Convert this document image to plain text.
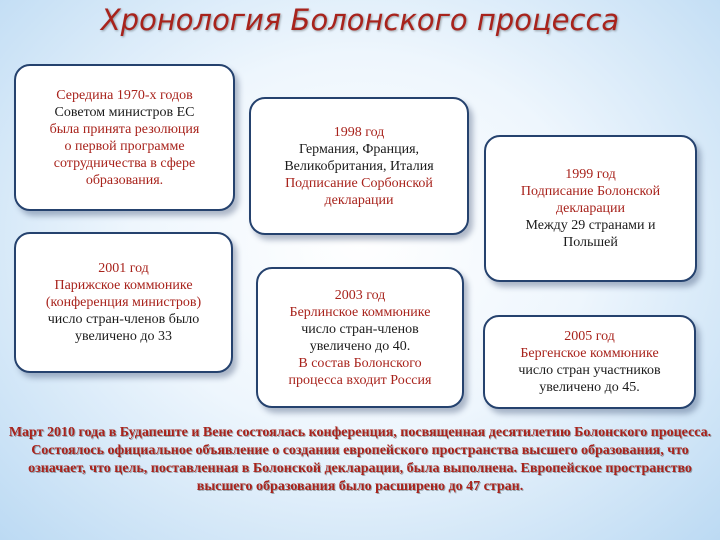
Хронология Болонского процесса
Середина 1970-х годов
Советом министров ЕС
была принята резолюция
о первой программе
сотрудничества в сфере
образования.
1998 год
Германия, Франция,
Великобритания, Италия
Подписание Сорбонской
декларации
1999 год
Подписание Болонской
декларации
Между 29 странами и
Польшей
2001 год
Парижское коммюнике
(конференция министров)
число стран-членов было
увеличено до 33
2003 год
Берлинское коммюнике
число стран-членов
увеличено до 40.
В состав Болонского
процесса входит Россия
2005 год
Бергенское коммюнике
число стран участников
увеличено до 45.
Март 2010 года в Будапеште и Вене состоялась конференция, посвященная десятилетию Болонского процесса. Состоялось официальное объявление о создании европейского пространства высшего образования, что означает, что цель, поставленная в Болонской декларации, была выполнена. Европейское пространство высшего образования было расширено до 47 стран.
